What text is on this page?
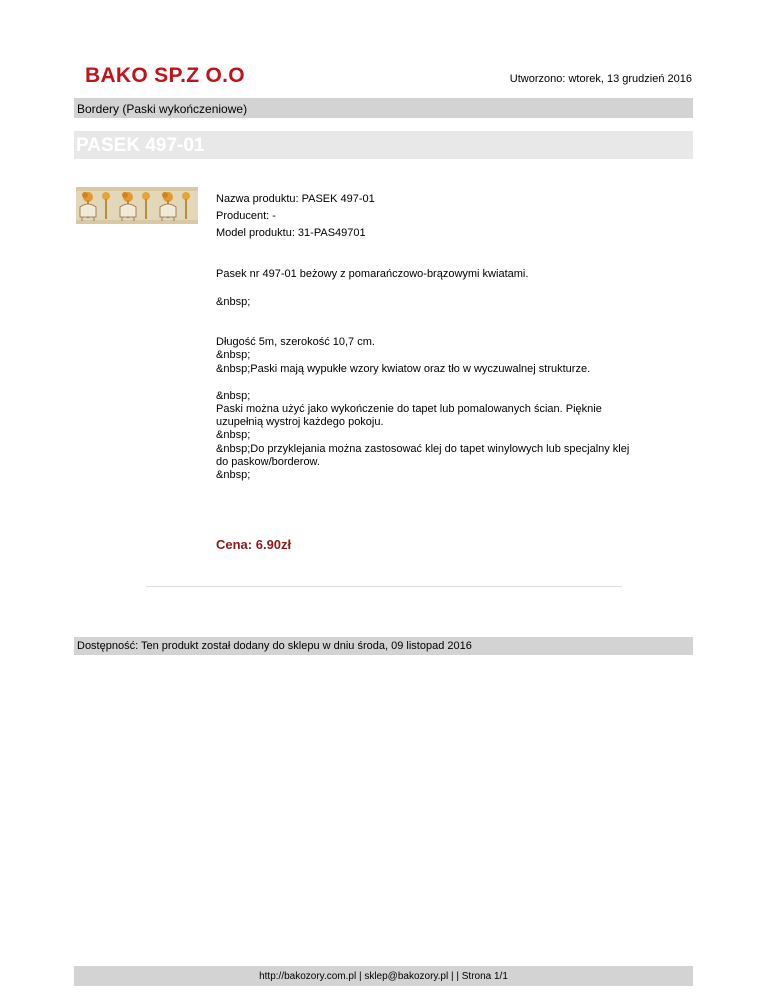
BAKO SP.Z O.O	Utworzono: wtorek, 13 grudzień 2016
Bordery (Paski wykończeniowe)
PASEK 497-01
Nazwa produktu: PASEK 497-01
Producent: -
Model produktu: 31-PAS49701
Pasek nr 497-01 beżowy z pomarańczowo-brązowymi kwiatami.
&nbsp;
Długość 5m, szerokość 10,7 cm.
&nbsp;
&nbsp;Paski mają wypukłe wzory kwiatow oraz tło w wyczuwalnej strukturze.
&nbsp;
Paski można użyć jako wykończenie do tapet lub pomalowanych ścian. Pięknie
uzupełnią wystroj każdego pokoju.
&nbsp;
&nbsp;Do przyklejania można zastosować klej do tapet winylowych lub specjalny klej
do paskow/borderow.
&nbsp;
Cena: 6.90zł
Dostępność: Ten produkt został dodany do sklepu w dniu środa, 09 listopad 2016
http://bakozory.com.pl | sklep@bakozory.pl | | Strona 1/1
